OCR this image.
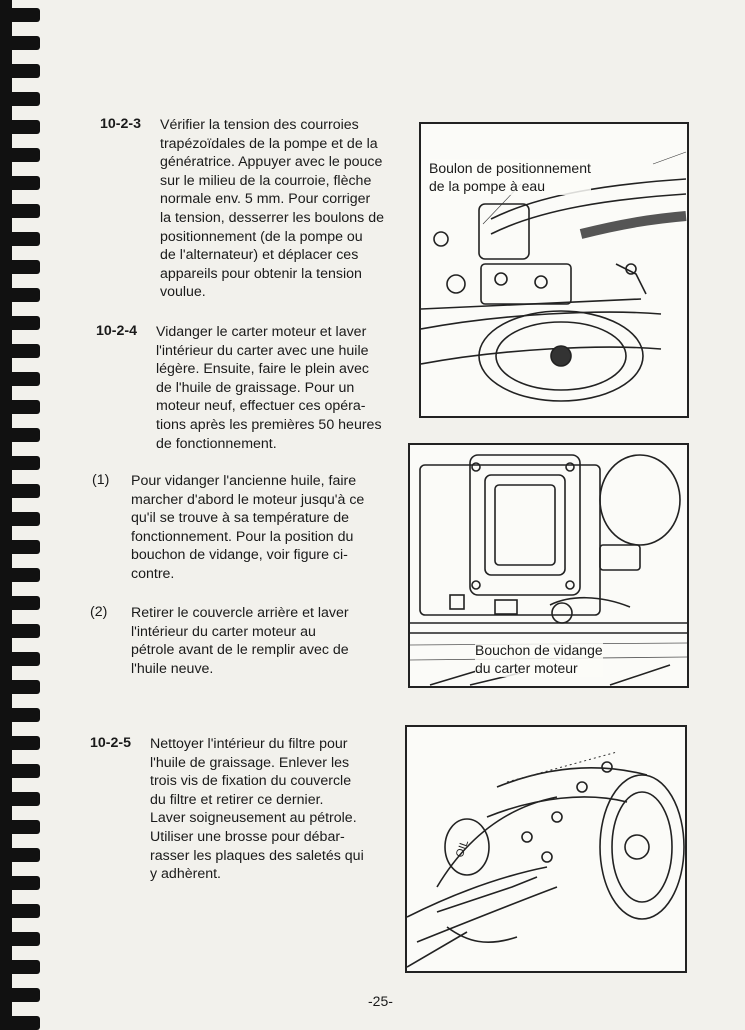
10-2-3 Vérifier la tension des courroies
trapézoïdales de la pompe et de la
génératrice. Appuyer avec le pouce
sur le milieu de la courroie, flèche
normale env. 5 mm. Pour corriger
la tension, desserrer les boulons de
positionnement (de la pompe ou
de l'alternateur) et déplacer ces
appareils pour obtenir la tension
voulue.

10-2-4 Vidanger le carter moteur et laver
l'intérieur du carter avec une huile
légère. Ensuite, faire le plein avec
de l'huile de graissage. Pour un
moteur neuf, effectuer ces opéra-
tions après les premières 50 heures
de fonctionnement.

(1) Pour vidanger l'ancienne huile, faire
marcher d'abord le moteur jusqu'à ce
qu'il se trouve à sa température de
fonctionnement. Pour la position du
bouchon de vidange, voir figure ci-
contre.

(2) Retirer le couvercle arrière et laver
l'intérieur du carter moteur au
pétrole avant de le remplir avec de
l'huile neuve.

10-2-5 Nettoyer l'intérieur du filtre pour
l'huile de graissage. Enlever les
trois vis de fixation du couvercle
du filtre et retirer ce dernier.
Laver soigneusement au pétrole.
Utiliser une brosse pour débar-
rasser les plaques des saletés qui
y adhèrent.

Boulon de positionnement
de la pompe à eau
Bouchon de vidange
du carter moteur
OIL
-25-
